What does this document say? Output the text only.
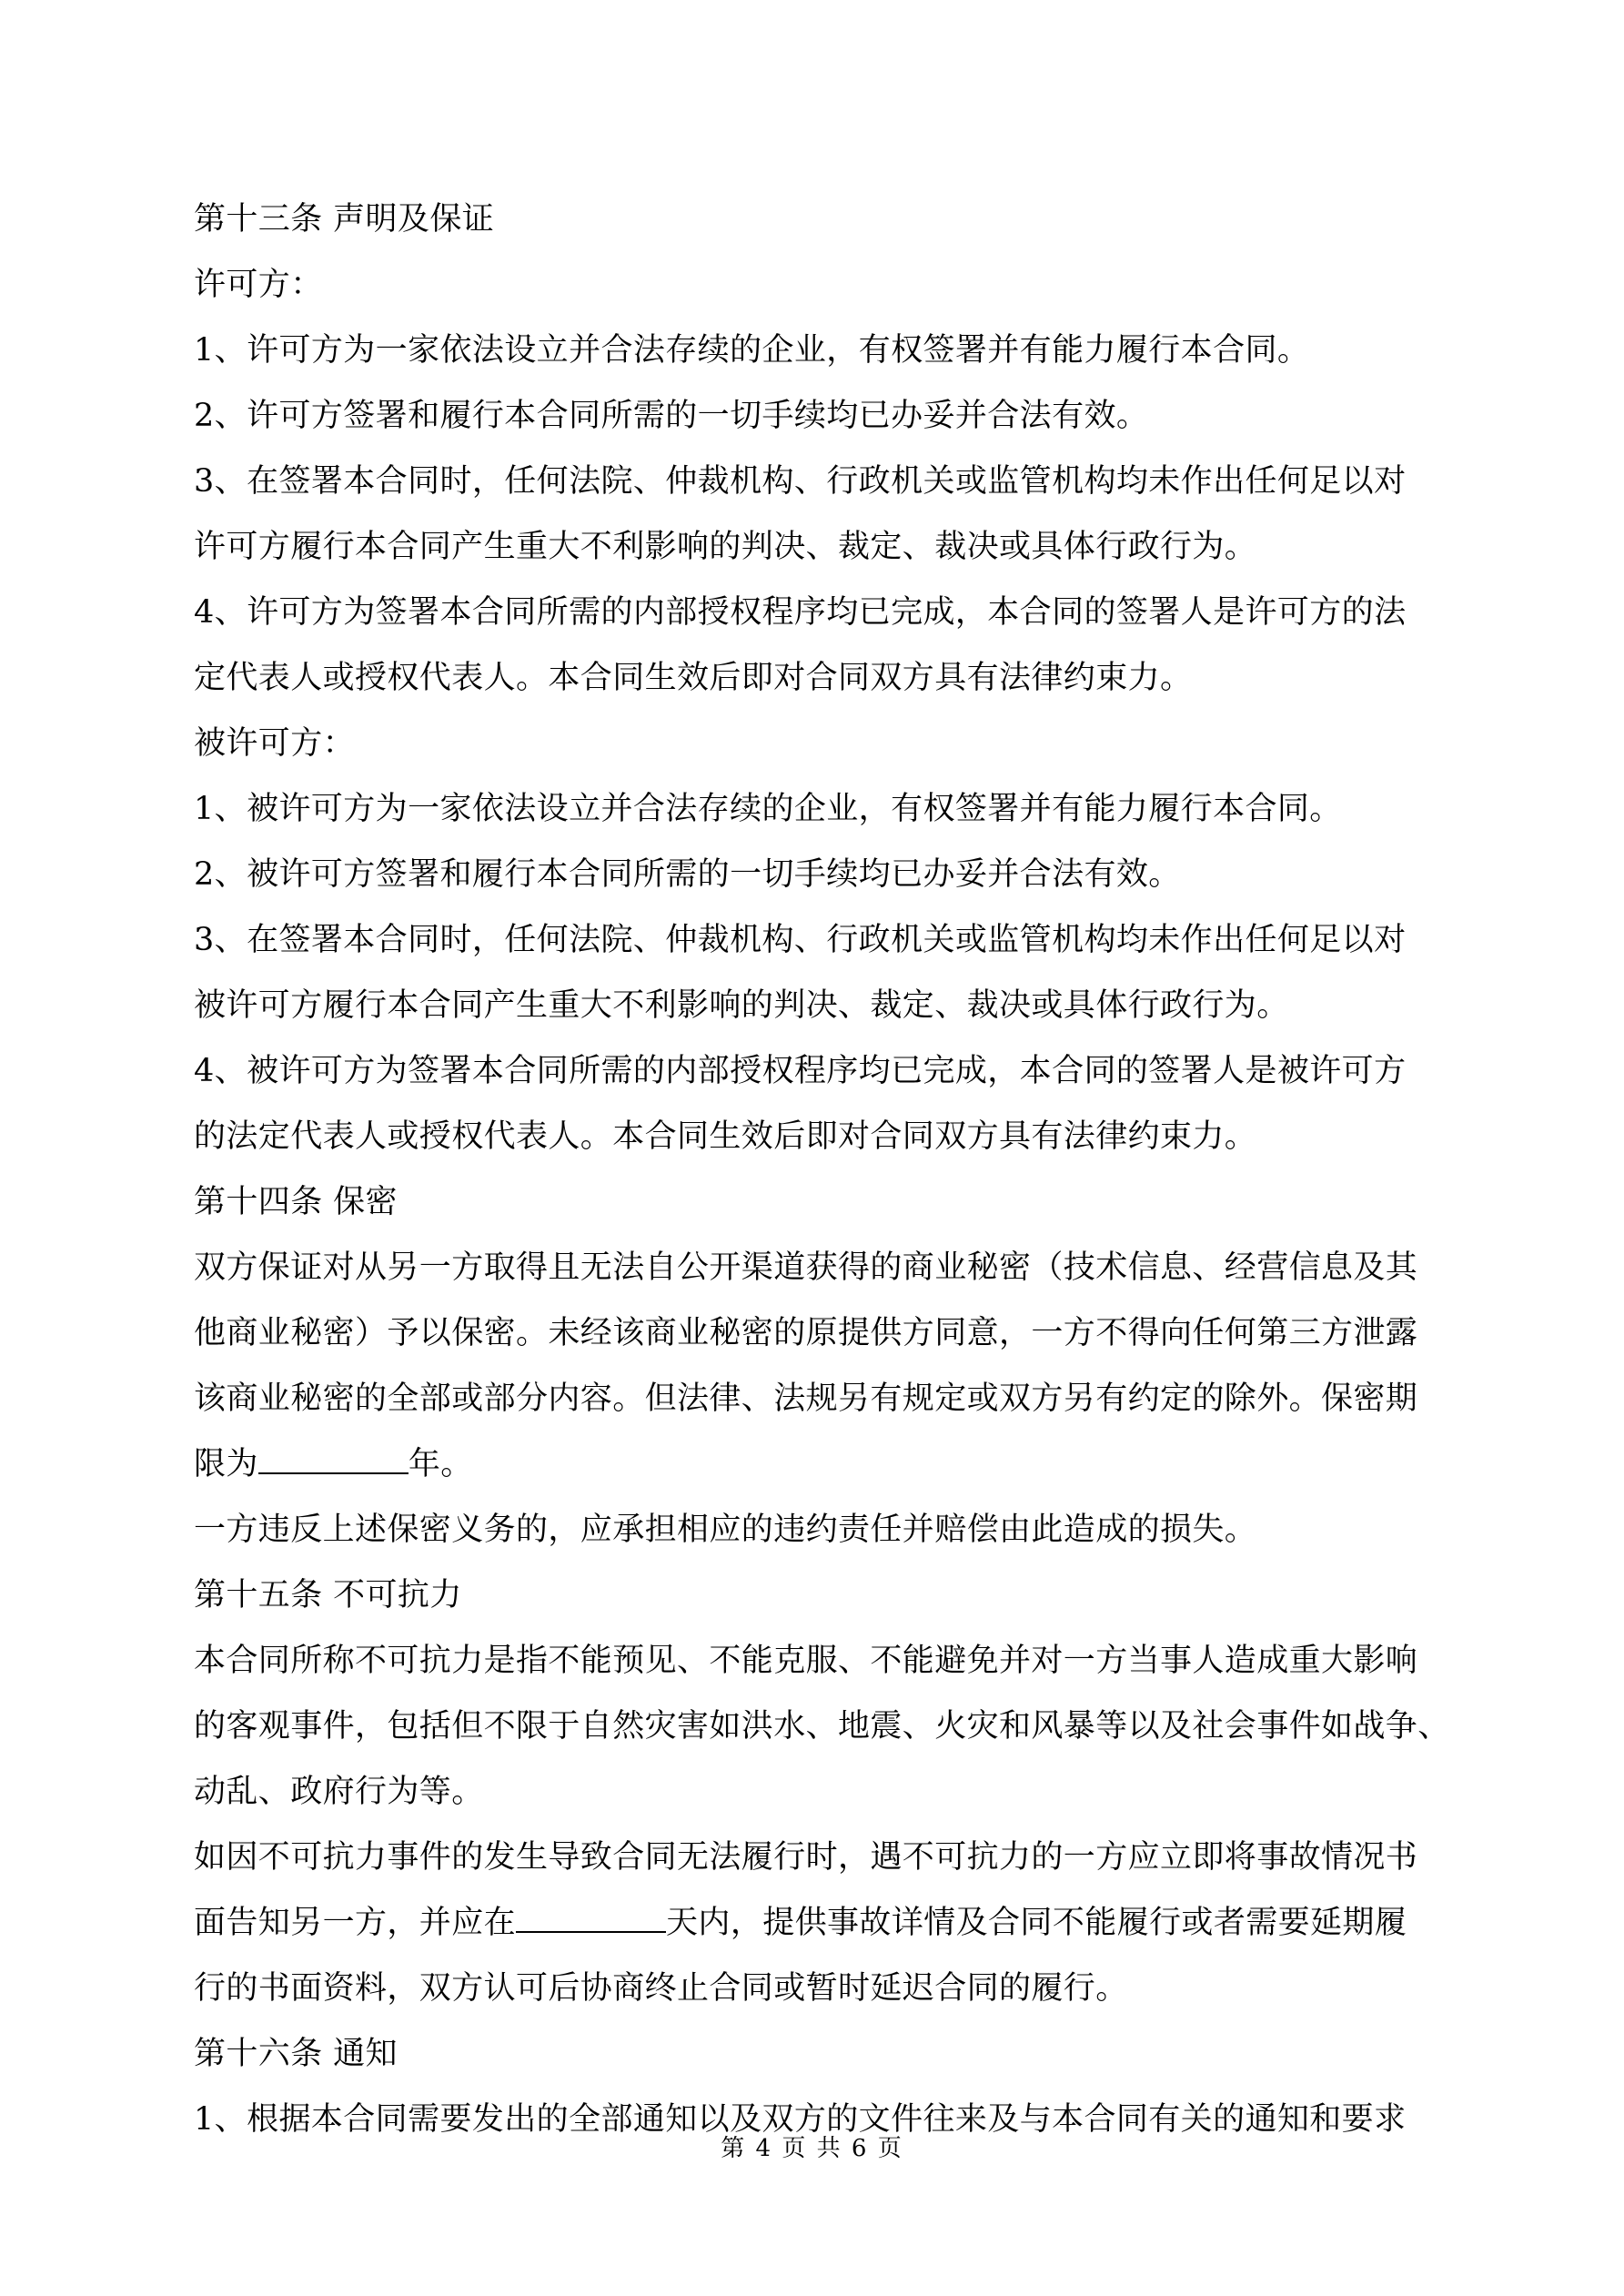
第十三条 声明及保证
许可方：
1、许可方为一家依法设立并合法存续的企业，有权签署并有能力履行本合同。
2、许可方签署和履行本合同所需的一切手续均已办妥并合法有效。
3、在签署本合同时，任何法院、仲裁机构、行政机关或监管机构均未作出任何足以对
许可方履行本合同产生重大不利影响的判决、裁定、裁决或具体行政行为。
4、许可方为签署本合同所需的内部授权程序均已完成，本合同的签署人是许可方的法
定代表人或授权代表人。本合同生效后即对合同双方具有法律约束力。
被许可方：
1、被许可方为一家依法设立并合法存续的企业，有权签署并有能力履行本合同。
2、被许可方签署和履行本合同所需的一切手续均已办妥并合法有效。
3、在签署本合同时，任何法院、仲裁机构、行政机关或监管机构均未作出任何足以对
被许可方履行本合同产生重大不利影响的判决、裁定、裁决或具体行政行为。
4、被许可方为签署本合同所需的内部授权程序均已完成，本合同的签署人是被许可方
的法定代表人或授权代表人。本合同生效后即对合同双方具有法律约束力。
第十四条 保密
双方保证对从另一方取得且无法自公开渠道获得的商业秘密（技术信息、经营信息及其
他商业秘密）予以保密。未经该商业秘密的原提供方同意，一方不得向任何第三方泄露
该商业秘密的全部或部分内容。但法律、法规另有规定或双方另有约定的除外。保密期
限为	年。
一方违反上述保密义务的，应承担相应的违约责任并赔偿由此造成的损失。
第十五条 不可抗力
本合同所称不可抗力是指不能预见、不能克服、不能避免并对一方当事人造成重大影响
的客观事件，包括但不限于自然灾害如洪水、地震、火灾和风暴等以及社会事件如战争、
动乱、政府行为等。
如因不可抗力事件的发生导致合同无法履行时，遇不可抗力的一方应立即将事故情况书
面告知另一方，并应在	天内，提供事故详情及合同不能履行或者需要延期履
行的书面资料，双方认可后协商终止合同或暂时延迟合同的履行。
第十六条 通知
1、根据本合同需要发出的全部通知以及双方的文件往来及与本合同有关的通知和要求
第 4 页 共 6 页
